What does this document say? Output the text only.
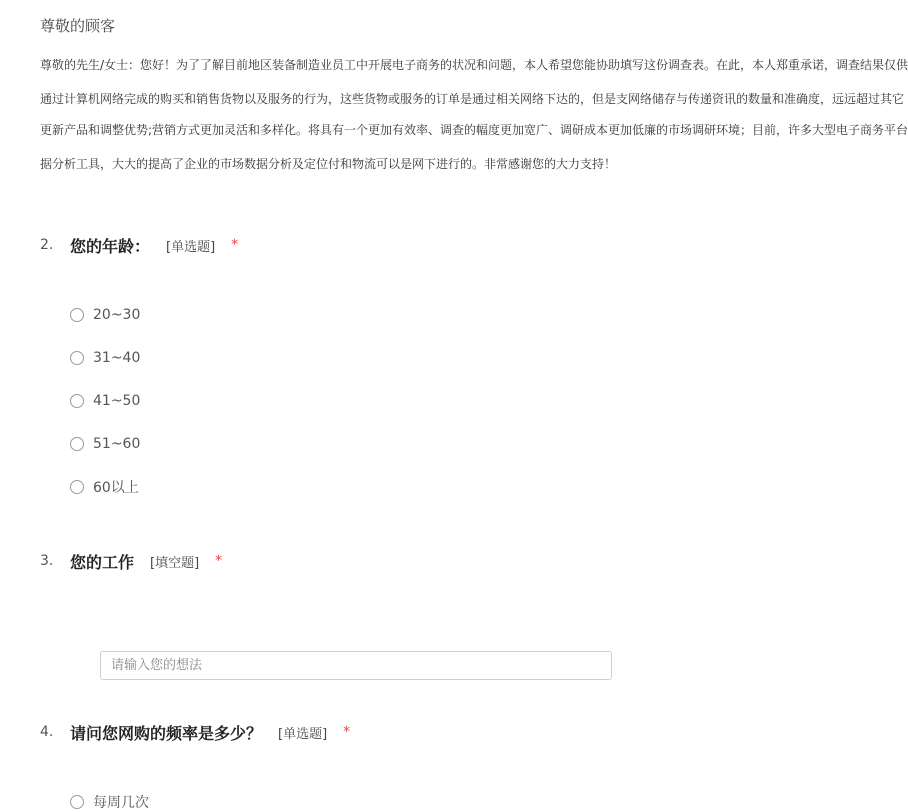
尊敬的顾客
尊敬的先生/女士：您好！为了了解目前地区装备制造业员工中开展电子商务的状况和问题，本人希望您能协助填写这份调查表。在此，本人郑重承诺，调查结果仅供
通过计算机网络完成的购买和销售货物以及服务的行为，这些货物或服务的订单是通过相关网络下达的，但是支网络储存与传递资讯的数量和准确度，远远超过其它
更新产品和调整优势;营销方式更加灵活和多样化。将具有一个更加有效率、调查的幅度更加宽广、调研成本更加低廉的市场调研环境；目前，许多大型电子商务平台
据分析工具，大大的提高了企业的市场数据分析及定位付和物流可以是网下进行的。非常感谢您的大力支持！
2.	您的年龄： [单选题] *
20~30
31~40
41~50
51~60
60以上
3.	您的工作 [填空题] *
请输入您的想法
4.	请问您网购的频率是多少？ [单选题] *
每周几次
